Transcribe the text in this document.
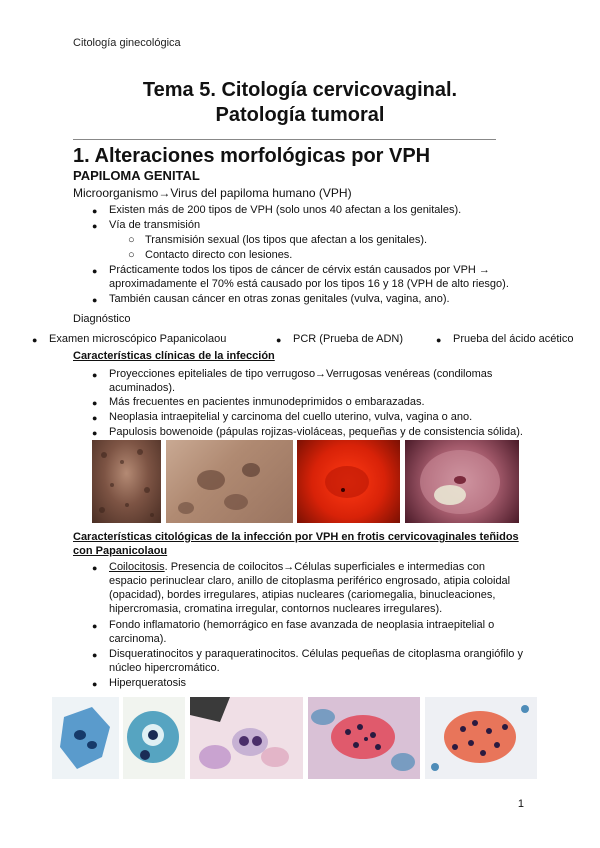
Citología ginecológica
Tema 5. Citología cervicovaginal.
Patología tumoral
1. Alteraciones morfológicas por VPH
PAPILOMA GENITAL
Microorganismo→Virus del papiloma humano (VPH)
● Existen más de 200 tipos de VPH (solo unos 40 afectan a los genitales).
● Vía de transmisión
○ Transmisión sexual (los tipos que afectan a los genitales).
○ Contacto directo con lesiones.
● Prácticamente todos los tipos de cáncer de cérvix están causados por VPH →
aproximadamente el 70% está causado por los tipos 16 y 18 (VPH de alto riesgo).
● También causan cáncer en otras zonas genitales (vulva, vagina, ano).
Diagnóstico
● Examen microscópico Papanicolaou	● PCR (Prueba de ADN)	● Prueba del ácido acético
Características clínicas de la infección
● Proyecciones epiteliales de tipo verrugoso→Verrugosas venéreas (condilomas
acuminados).
● Más frecuentes en pacientes inmunodeprimidos o embarazadas.
● Neoplasia intraepitelial y carcinoma del cuello uterino, vulva, vagina o ano.
● Papulosis bowenoide (pápulas rojizas-violáceas, pequeñas y de consistencia sólida).
Características citológicas de la infección por VPH en frotis cervicovaginales teñidos
con Papanicolaou
● Coilocitosis. Presencia de coilocitos→Células superficiales e intermedias con
espacio perinuclear claro, anillo de citoplasma periférico engrosado, atipia coloidal
(opacidad), bordes irregulares, atipias nucleares (cariomegalia, binucleaciones,
hipercromasia, cromatina irregular, contornos nucleares irregulares).
● Fondo inflamatorio (hemorrágico en fase avanzada de neoplasia intraepitelial o
carcinoma).
● Disqueratinocitos y paraqueratinocitos. Células pequeñas de citoplasma orangiófilo y
núcleo hipercromático.
● Hiperqueratosis
1
